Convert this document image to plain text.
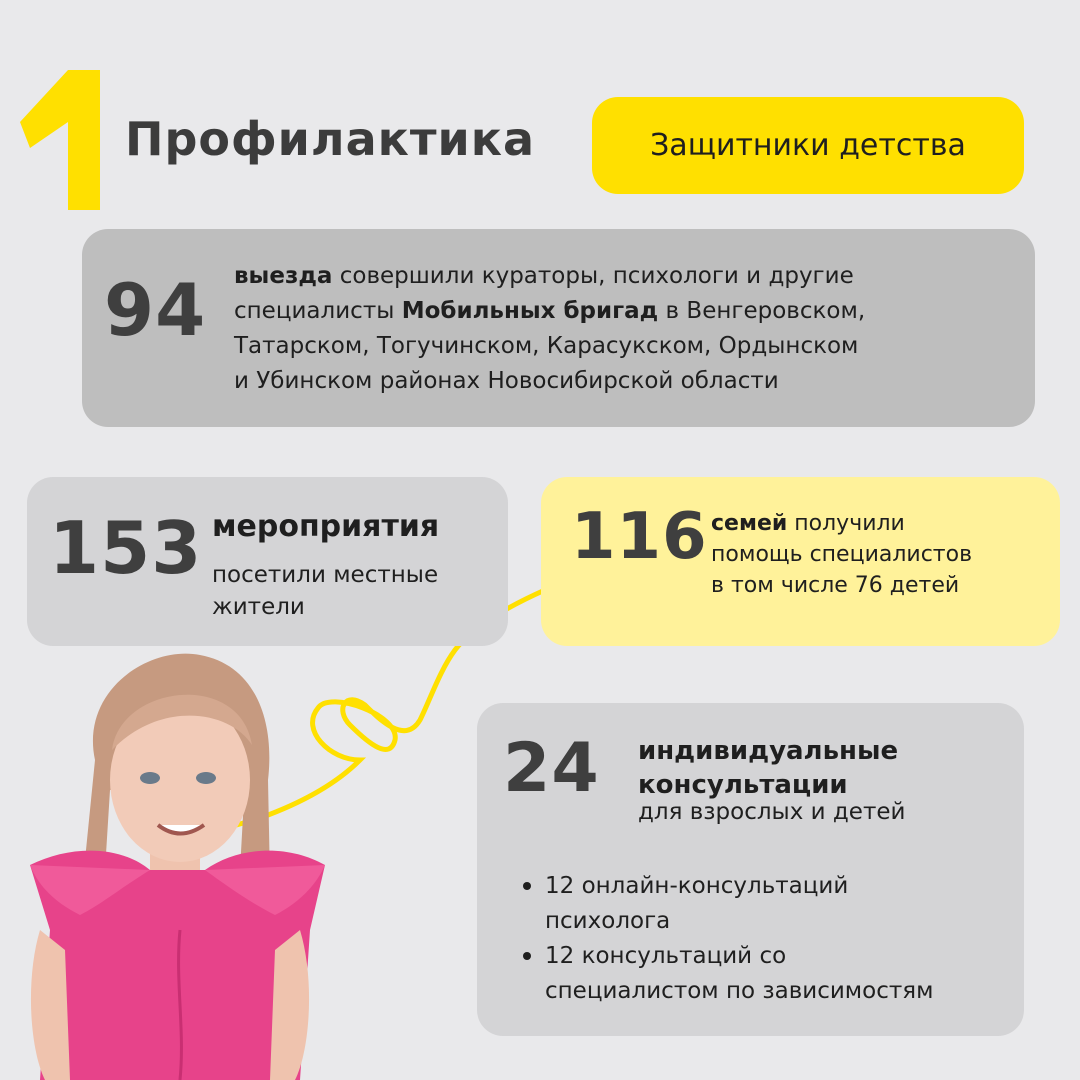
Профилактика	Защитники детства
94 выезда совершили кураторы, психологи и другие
специалисты Мобильных бригад в Венгеровском,
Татарском, Тогучинском, Карасукском, Ордынском
и Убинском районах Новосибирской области
153 мероприятия
посетили местные
жители
116 семей получили
помощь специалистов
в том числе 76 детей
24 индивидуальные
консультации
для взрослых и детей
12 онлайн-консультаций
психолога
12 консультаций со
специалистом по зависимостям
